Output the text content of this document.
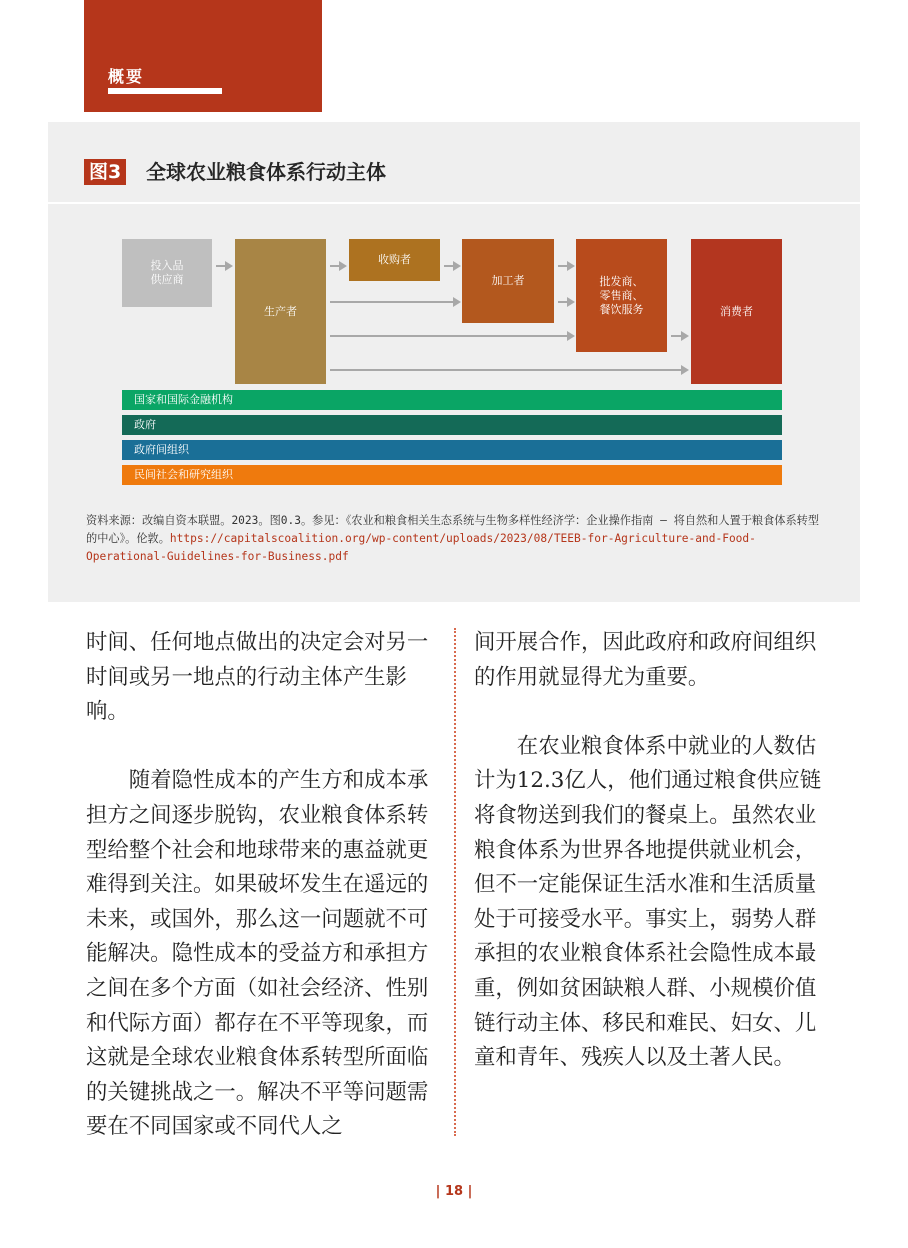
概要
图3 全球农业粮食体系行动主体
投入品
供应商
生产者
收购者
加工者	批发商、
零售商、
餐饮服务	消费者
国家和国际金融机构
政府
政府间组织
民间社会和研究组织
资料来源：改编自资本联盟。2023。图0.3。参见：《农业和粮食相关生态系统与生物多样性经济学：企业操作指南 — 将自然和人置于粮食体系转型的中心》。伦敦。https://capitalscoalition.org/wp-content/uploads/2023/08/TEEB-for-Agriculture-and-Food-Operational-Guidelines-for-Business.pdf

时间、任何地点做出的决定会对另一时间或另一地点的行动主体产生影响。

随着隐性成本的产生方和成本承担方之间逐步脱钩，农业粮食体系转型给整个社会和地球带来的惠益就更难得到关注。如果破坏发生在遥远的未来，或国外，那么这一问题就不可能解决。隐性成本的受益方和承担方之间在多个方面（如社会经济、性别和代际方面）都存在不平等现象，而这就是全球农业粮食体系转型所面临的关键挑战之一。解决不平等问题需要在不同国家或不同代人之

间开展合作，因此政府和政府间组织的作用就显得尤为重要。

在农业粮食体系中就业的人数估计为12.3亿人，他们通过粮食供应链将食物送到我们的餐桌上。虽然农业粮食体系为世界各地提供就业机会，但不一定能保证生活水准和生活质量处于可接受水平。事实上，弱势人群承担的农业粮食体系社会隐性成本最重，例如贫困缺粮人群、小规模价值链行动主体、移民和难民、妇女、儿童和青年、残疾人以及土著人民。

| 18 |
